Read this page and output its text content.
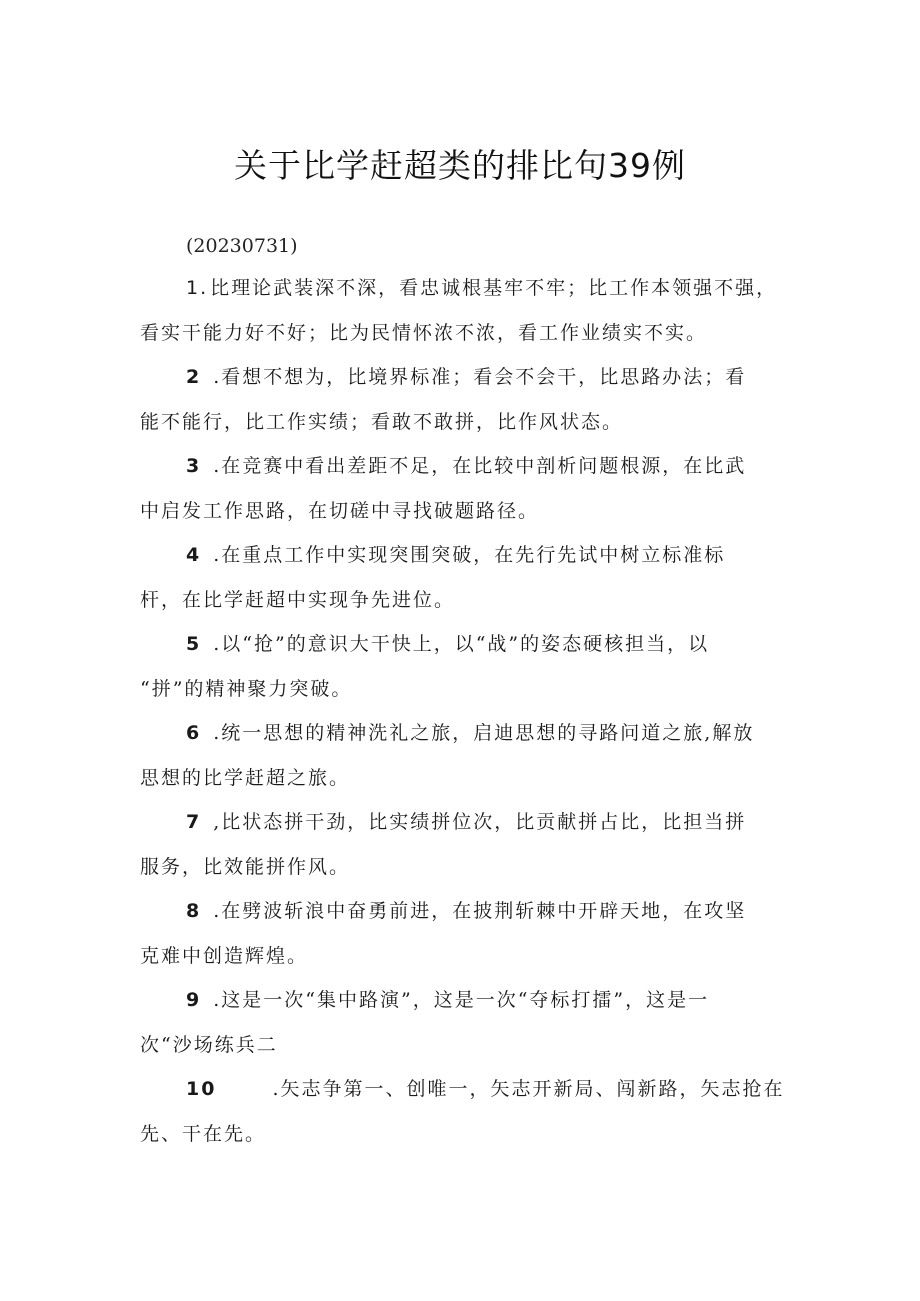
关于比学赶超类的排比句39例
(20230731)
1. 比理论武装深不深，看忠诚根基牢不牢；比工作本领强不强，
看实干能力好不好；比为民情怀浓不浓，看工作业绩实不实。
2 .看想不想为，比境界标准；看会不会干，比思路办法；看
能不能行，比工作实绩；看敢不敢拼，比作风状态。
3 .在竞赛中看出差距不足，在比较中剖析问题根源，在比武
中启发工作思路，在切磋中寻找破题路径。
4 .在重点工作中实现突围突破，在先行先试中树立标准标
杆，在比学赶超中实现争先进位。
5 .以“抢”的意识大干快上，以“战”的姿态硬核担当，以
“拼”的精神聚力突破。
6 .统一思想的精神洗礼之旅，启迪思想的寻路问道之旅,解放
思想的比学赶超之旅。
7 ,比状态拼干劲，比实绩拼位次，比贡献拼占比，比担当拼
服务，比效能拼作风。
8 .在劈波斩浪中奋勇前进，在披荆斩棘中开辟天地，在攻坚
克难中创造辉煌。
9 .这是一次“集中路演”，这是一次“夺标打擂”，这是一
次“沙场练兵二
10	.矢志争第一、创唯一，矢志开新局、闯新路，矢志抢在
先、干在先。
